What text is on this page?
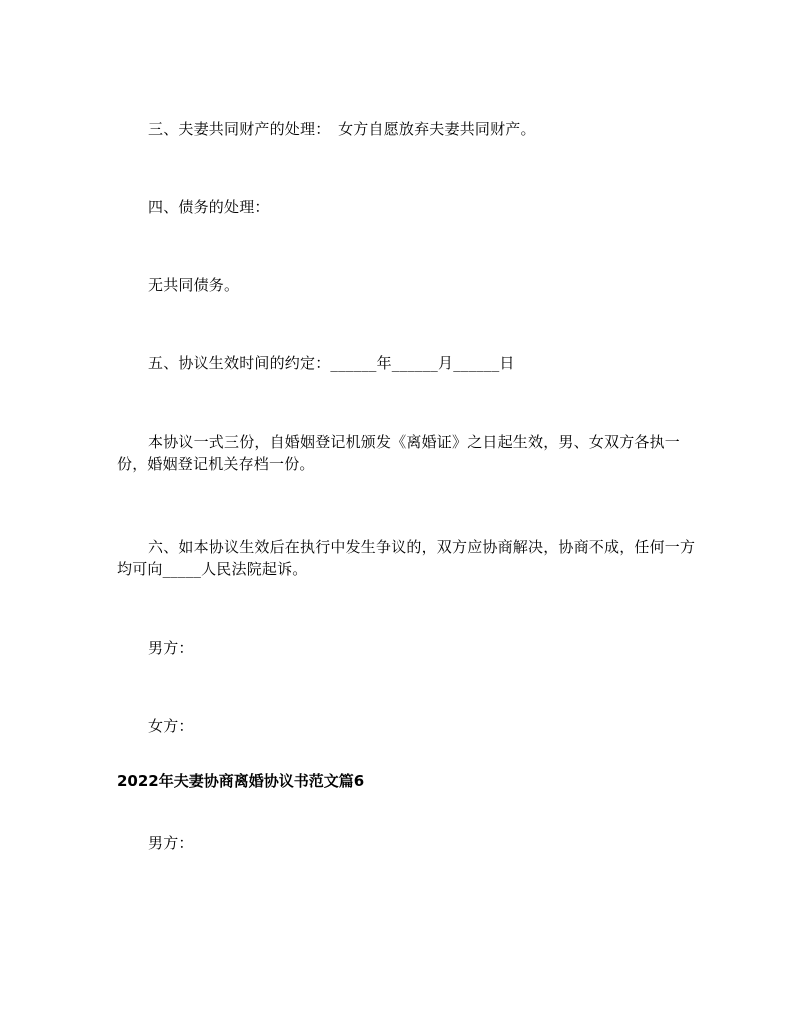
三、夫妻共同财产的处理：　女方自愿放弃夫妻共同财产。
四、债务的处理：
无共同债务。
五、协议生效时间的约定：______年______月______日
本协议一式三份，自婚姻登记机颁发《离婚证》之日起生效，男、女双方各执一份，婚姻登记机关存档一份。
六、如本协议生效后在执行中发生争议的，双方应协商解决，协商不成，任何一方均可向_____人民法院起诉。
男方：
女方：
2022年夫妻协商离婚协议书范文篇6
男方：
